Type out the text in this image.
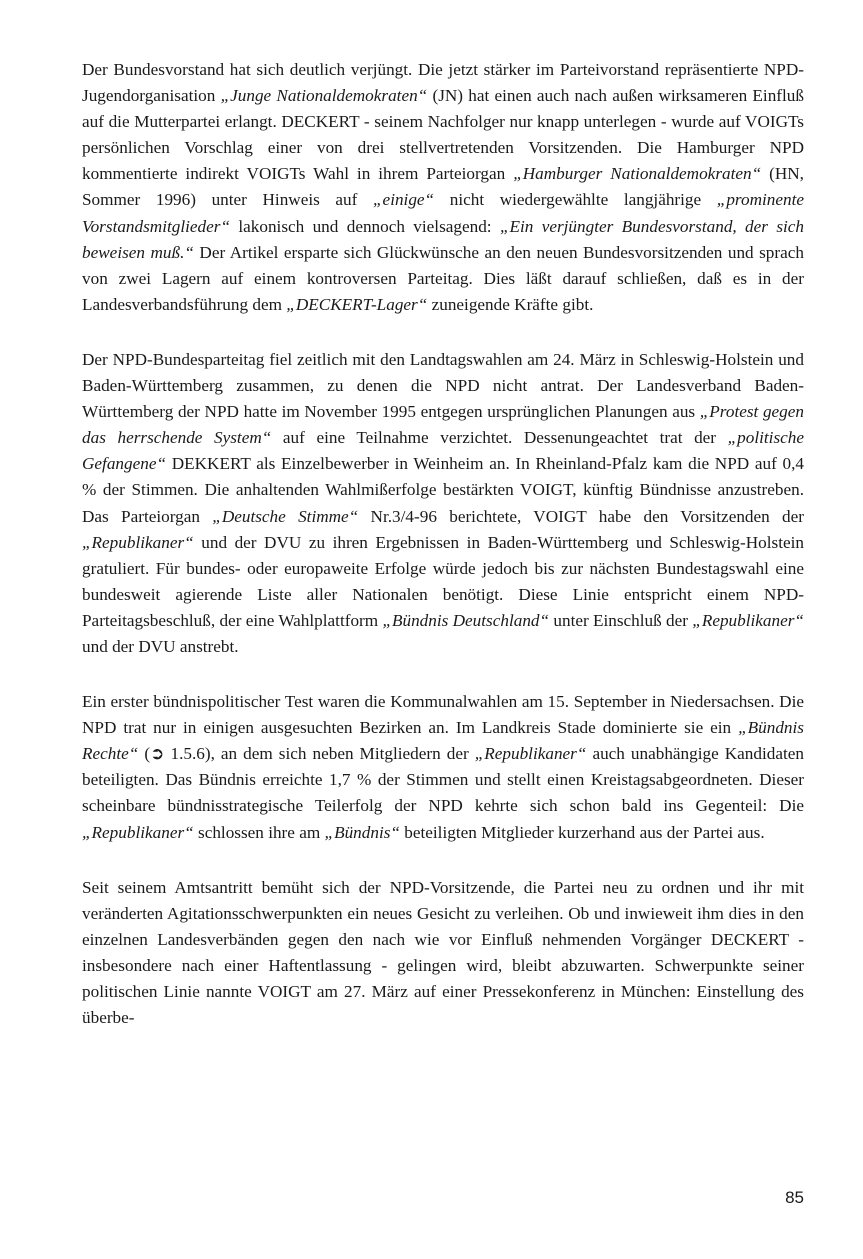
Der Bundesvorstand hat sich deutlich verjüngt. Die jetzt stärker im Parteivorstand repräsentierte NPD-Jugendorganisation „Junge Nationaldemokraten“ (JN) hat einen auch nach außen wirksameren Einfluß auf die Mutterpartei erlangt. DECKERT - seinem Nachfolger nur knapp unterlegen - wurde auf VOIGTs persönlichen Vorschlag einer von drei stellvertretenden Vorsitzenden. Die Hamburger NPD kommentierte indirekt VOIGTs Wahl in ihrem Parteiorgan „Hamburger Nationaldemokraten“ (HN, Sommer 1996) unter Hinweis auf „einige“ nicht wiedergewählte langjährige „prominente Vorstandsmitglieder“ lakonisch und dennoch vielsagend: „Ein verjüngter Bundesvorstand, der sich beweisen muß.“ Der Artikel ersparte sich Glückwünsche an den neuen Bundesvorsitzenden und sprach von zwei Lagern auf einem kontroversen Parteitag. Dies läßt darauf schließen, daß es in der Landesverbandsführung dem „DECKERT-Lager“ zuneigende Kräfte gibt.

Der NPD-Bundesparteitag fiel zeitlich mit den Landtagswahlen am 24. März in Schleswig-Holstein und Baden-Württemberg zusammen, zu denen die NPD nicht antrat. Der Landesverband Baden-Württemberg der NPD hatte im November 1995 entgegen ursprünglichen Planungen aus „Protest gegen das herrschende System“ auf eine Teilnahme verzichtet. Dessenungeachtet trat der „politische Gefangene“ DEKKERT als Einzelbewerber in Weinheim an. In Rheinland-Pfalz kam die NPD auf 0,4 % der Stimmen. Die anhaltenden Wahlmißerfolge bestärkten VOIGT, künftig Bündnisse anzustreben. Das Parteiorgan „Deutsche Stimme“ Nr.3/4-96 berichtete, VOIGT habe den Vorsitzenden der „Republikaner“ und der DVU zu ihren Ergebnissen in Baden-Württemberg und Schleswig-Holstein gratuliert. Für bundes- oder europaweite Erfolge würde jedoch bis zur nächsten Bundestagswahl eine bundesweit agierende Liste aller Nationalen benötigt. Diese Linie entspricht einem NPD-Parteitagsbeschluß, der eine Wahlplattform „Bündnis Deutschland“ unter Einschluß der „Republikaner“ und der DVU anstrebt.

Ein erster bündnispolitischer Test waren die Kommunalwahlen am 15. September in Niedersachsen. Die NPD trat nur in einigen ausgesuchten Bezirken an. Im Landkreis Stade dominierte sie ein „Bündnis Rechte“ (➲ 1.5.6), an dem sich neben Mitgliedern der „Republikaner“ auch unabhängige Kandidaten beteiligten. Das Bündnis erreichte 1,7 % der Stimmen und stellt einen Kreistagsabgeordneten. Dieser scheinbare bündnisstrategische Teilerfolg der NPD kehrte sich schon bald ins Gegenteil: Die „Republikaner“ schlossen ihre am „Bündnis“ beteiligten Mitglieder kurzerhand aus der Partei aus.

Seit seinem Amtsantritt bemüht sich der NPD-Vorsitzende, die Partei neu zu ordnen und ihr mit veränderten Agitationsschwerpunkten ein neues Gesicht zu verleihen. Ob und inwieweit ihm dies in den einzelnen Landesverbänden gegen den nach wie vor Einfluß nehmenden Vorgänger DECKERT - insbesondere nach einer Haftentlassung - gelingen wird, bleibt abzuwarten. Schwerpunkte seiner politischen Linie nannte VOIGT am 27. März auf einer Pressekonferenz in München: Einstellung des überbe-

85
